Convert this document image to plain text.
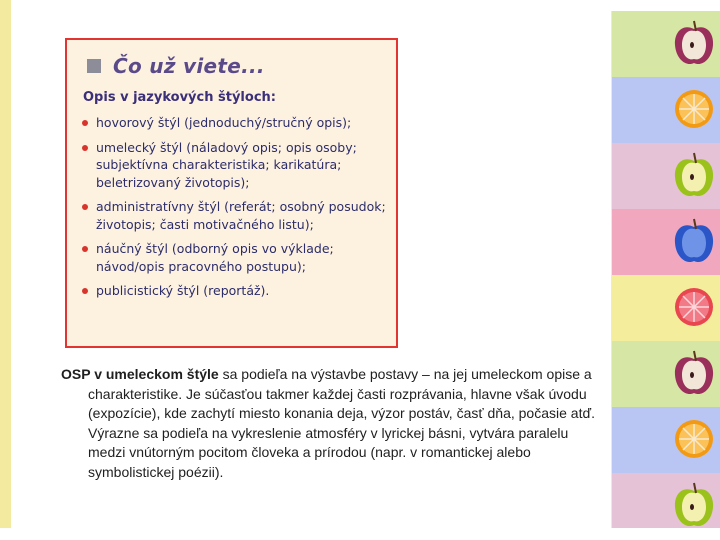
Čo už viete...
Opis v jazykových štýloch:
hovorový štýl (jednoduchý/stručný opis);
umelecký štýl (náladový opis; opis osoby; subjektívna charakteristika; karikatúra; beletrizovaný životopis);
administratívny štýl (referát; osobný posudok; životopis; časti motivačného listu);
náučný štýl (odborný opis vo výklade; návod/opis pracovného postupu);
publicistický štýl (reportáž).

OSP v umeleckom štýle sa podieľa na výstavbe postavy – na jej umeleckom opise a charakteristike. Je súčasťou takmer každej časti rozprávania, hlavne však úvodu (expozície), kde zachytí miesto konania deja, výzor postáv, časť dňa, počasie atď.

Výrazne sa podieľa na vykreslenie atmosféry v lyrickej básni, vytvára paralelu medzi vnútorným pocitom človeka a prírodou (napr. v romantickej alebo symbolistickej poézii).
